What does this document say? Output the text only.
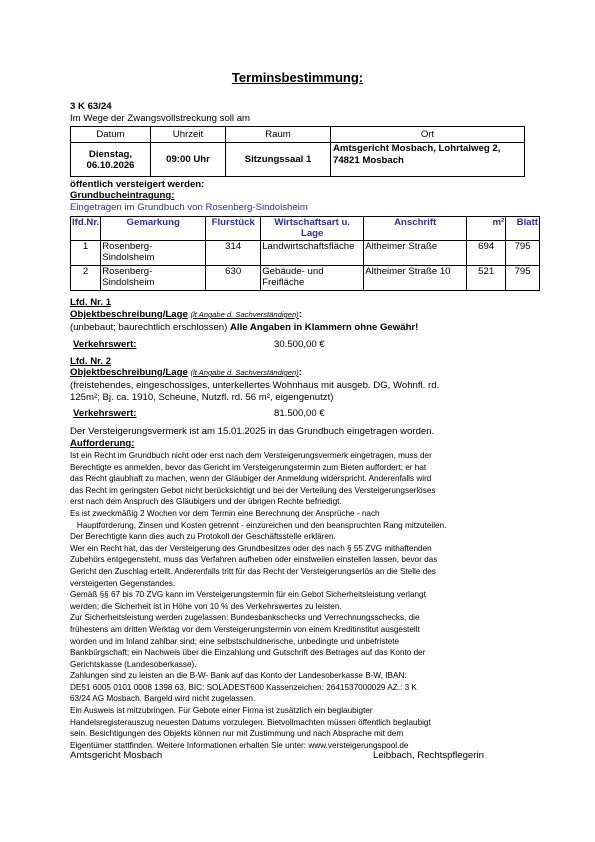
Terminsbestimmung:
3 K 63/24
Im Wege der Zwangsvollstreckung soll am
Datum	Uhrzeit	Raum	Ort
Dienstag, 06.10.2026	09:00 Uhr	Sitzungssaal 1	Amtsgericht Mosbach, Lohrtalweg 2, 74821 Mosbach
öffentlich versteigert werden:
Grundbucheintragung:
Eingetragen im Grundbuch von Rosenberg-Sindolsheim
lfd.Nr.	Gemarkung	Flurstück	Wirtschaftsart u. Lage	Anschrift	m²	Blatt
1	Rosenberg-Sindolsheim	314	Landwirtschaftsfläche	Altheimer Straße	694	795
2	Rosenberg-Sindolsheim	630	Gebäude- und Freifläche	Altheimer Straße 10	521	795
Lfd. Nr. 1
Objektbeschreibung/Lage (lt Angabe d. Sachverständigen):
(unbebaut; baurechtlich erschlossen) Alle Angaben in Klammern ohne Gewähr!
Verkehrswert:	30.500,00 €
Lfd. Nr. 2
Objektbeschreibung/Lage (lt Angabe d. Sachverständigen):
(freistehendes, eingeschossiges, unterkellertes Wohnhaus mit ausgeb. DG, Wohnfl. rd.
125m²; Bj. ca. 1910, Scheune, Nutzfl. rd. 56 m², eigengenutzt)
Verkehrswert:	81.500,00 €
Der Versteigerungsvermerk ist am 15.01.2025 in das Grundbuch eingetragen worden.
Aufforderung:
Ist ein Recht im Grundbuch nicht oder erst nach dem Versteigerungsvermerk eingetragen, muss der
Berechtigte es anmelden, bevor das Gericht im Versteigerungstermin zum Bieten auffordert; er hat
das Recht glaubhaft zu machen, wenn der Gläubiger der Anmeldung widerspricht. Anderenfalls wird
das Recht im geringsten Gebot nicht berücksichtigt und bei der Verteilung des Versteigerungserlöses
erst nach dem Anspruch des Gläubigers und der übrigen Rechte befriedigt.
Es ist zweckmäßig 2 Wochen vor dem Termin eine Berechnung der Ansprüche - nach
Hauptforderung, Zinsen und Kosten getrennt - einzureichen und den beanspruchten Rang mitzuteilen.
Der Berechtigte kann dies auch zu Protokoll der Geschäftsstelle erklären.
Wer ein Recht hat, das der Versteigerung des Grundbesitzes oder des nach § 55 ZVG mithaftenden
Zubehörs entgegensteht, muss das Verfahren aufheben oder einstweilen einstellen lassen, bevor das
Gericht den Zuschlag erteilt. Anderenfalls tritt für das Recht der Versteigerungserlös an die Stelle des
versteigerten Gegenstandes.
Gemäß §§ 67 bis 70 ZVG kann im Versteigerungstermin für ein Gebot Sicherheitsleistung verlangt
werden; die Sicherheit ist in Höhe von 10 % des Verkehrswertes zu leisten.
Zur Sicherheitsleistung werden zugelassen: Bundesbankschecks und Verrechnungsschecks, die
frühestens am dritten Werktag vor dem Versteigerungstermin von einem Kreditinstitut ausgestellt
worden und im Inland zahlbar sind; eine selbstschuldnerische, unbedingte und unbefristete
Bankbürgschaft; ein Nachweis über die Einzahlung und Gutschrift des Betrages auf das Konto der
Gerichtskasse (Landesoberkasse).
Zahlungen sind zu leisten an die B-W- Bank auf das Konto der Landesoberkasse B-W, IBAN:
DE51 6005 0101 0008 1398 63, BIC: SOLADEST600 Kassenzeichen: 2641537000029 AZ.: 3 K
63/24 AG Mosbach. Bargeld wird nicht zugelassen.
Ein Ausweis ist mitzubringen. Für Gebote einer Firma ist zusätzlich ein beglaubigter
Handelsregisterauszug neuesten Datums vorzulegen. Bietvollmachten müssen öffentlich beglaubigt
sein. Besichtigungen des Objekts können nur mit Zustimmung und nach Absprache mit dem
Eigentümer stattfinden. Weitere Informationen erhalten Sie unter: www.versteigerungspool.de
Amtsgericht Mosbach	Leibbach, Rechtspflegerin
